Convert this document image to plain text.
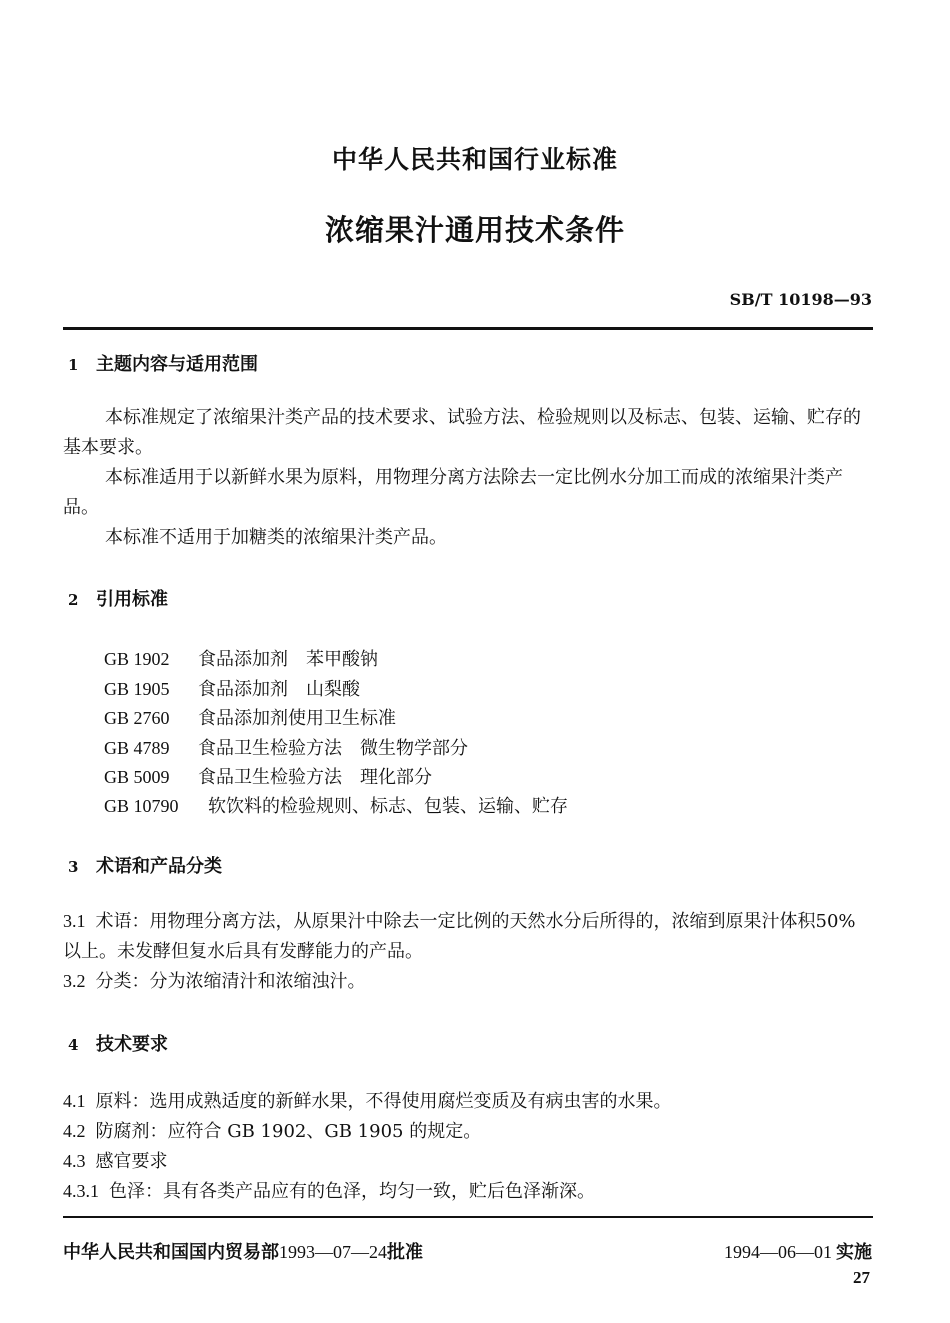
中华人民共和国行业标准
浓缩果汁通用技术条件
SB/T 10198—93
1 主题内容与适用范围
本标准规定了浓缩果汁类产品的技术要求、试验方法、检验规则以及标志、包装、运输、贮存的基本要求。
本标准适用于以新鲜水果为原料，用物理分离方法除去一定比例水分加工而成的浓缩果汁类产品。
本标准不适用于加糖类的浓缩果汁类产品。
2 引用标准
GB 1902 食品添加剂　苯甲酸钠
GB 1905 食品添加剂　山梨酸
GB 2760 食品添加剂使用卫生标准
GB 4789 食品卫生检验方法　微生物学部分
GB 5009 食品卫生检验方法　理化部分
GB 10790 软饮料的检验规则、标志、包装、运输、贮存
3 术语和产品分类
3.1 术语：用物理分离方法，从原果汁中除去一定比例的天然水分后所得的，浓缩到原果汁体积50%以上。未发酵但复水后具有发酵能力的产品。
3.2 分类：分为浓缩清汁和浓缩浊汁。
4 技术要求
4.1 原料：选用成熟适度的新鲜水果，不得使用腐烂变质及有病虫害的水果。
4.2 防腐剂：应符合 GB 1902、GB 1905 的规定。
4.3 感官要求
4.3.1 色泽：具有各类产品应有的色泽，均匀一致，贮后色泽渐深。
中华人民共和国国内贸易部1993—07—24批准	1994—06—01 实施
27
